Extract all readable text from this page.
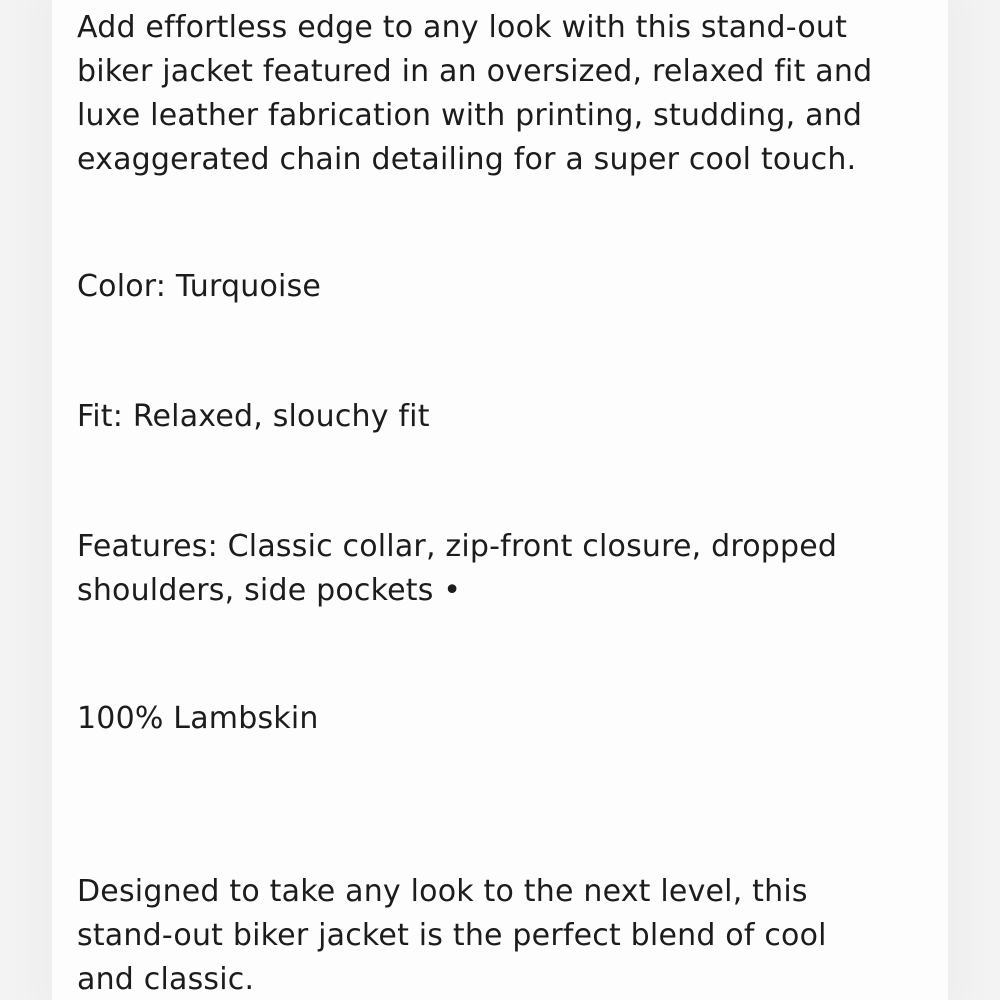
Add effortless edge to any look with this stand-out
biker jacket featured in an oversized, relaxed fit and
luxe leather fabrication with printing, studding, and
exaggerated chain detailing for a super cool touch.
Color: Turquoise
Fit: Relaxed, slouchy fit
Features: Classic collar, zip-front closure, dropped
shoulders, side pockets •
100% Lambskin
Designed to take any look to the next level, this
stand-out biker jacket is the perfect blend of cool
and classic.
